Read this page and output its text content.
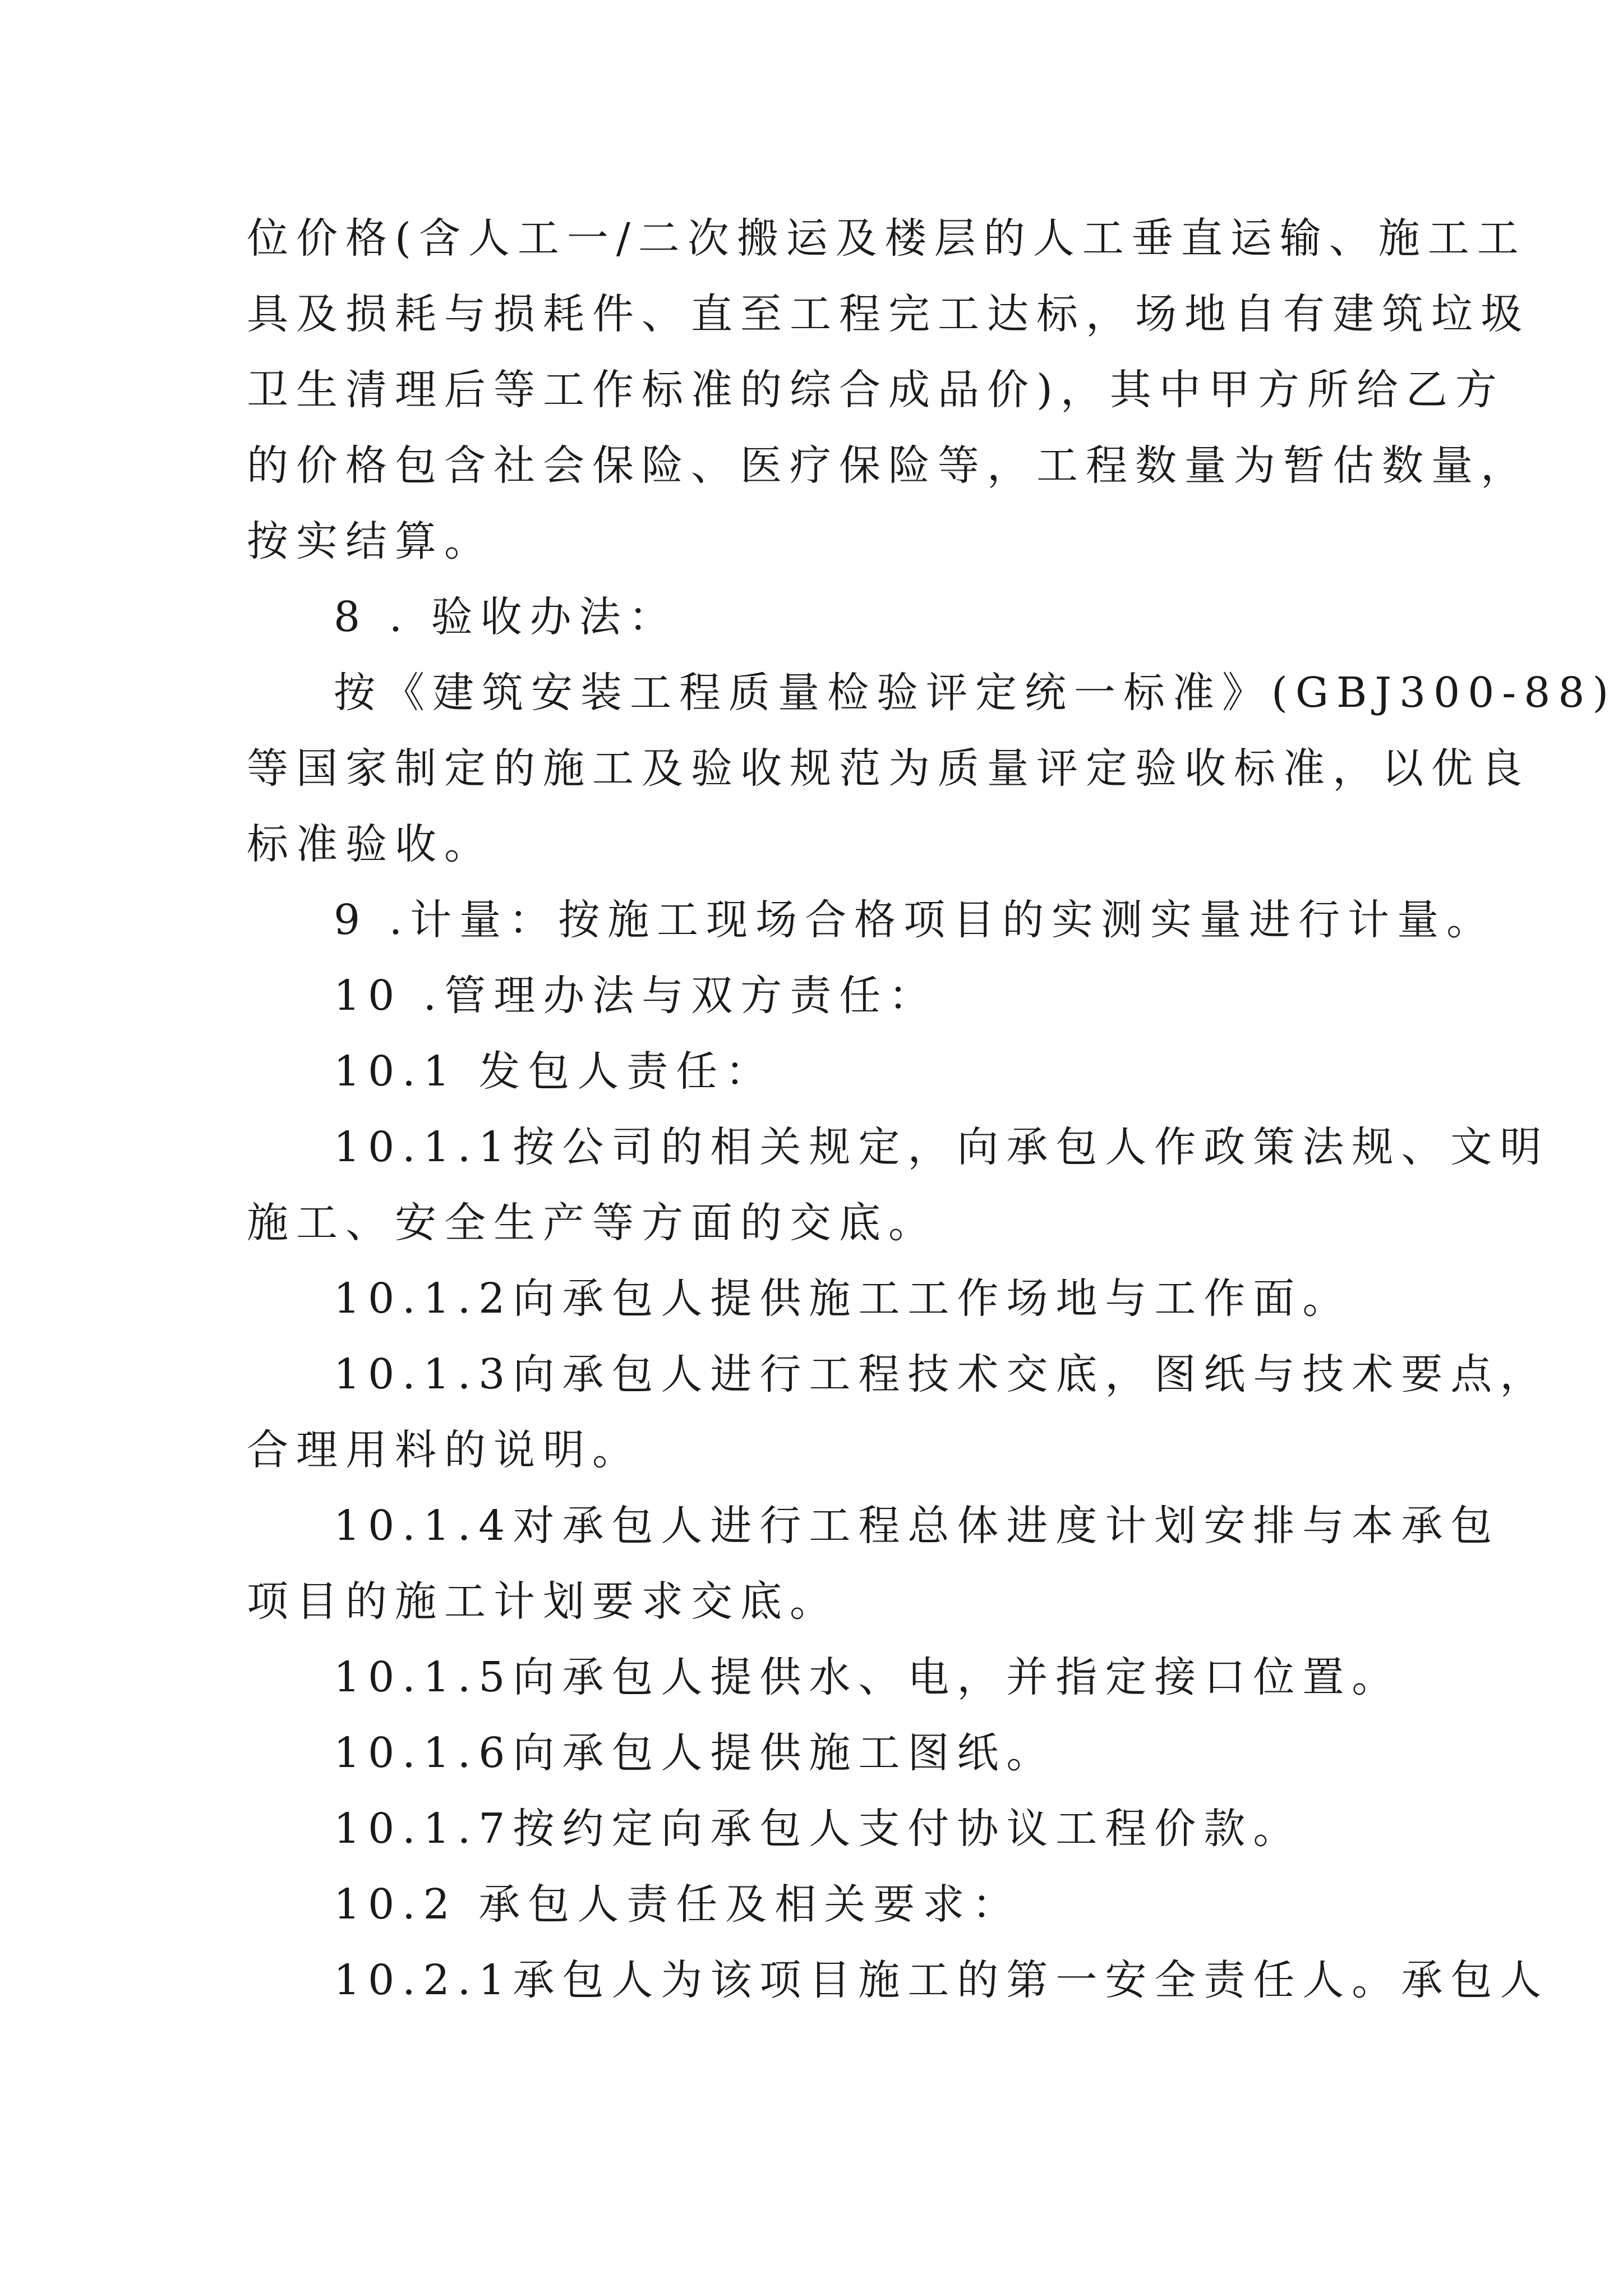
位价格(含人工一/二次搬运及楼层的人工垂直运输、施工工
具及损耗与损耗件、直至工程完工达标，场地自有建筑垃圾
卫生清理后等工作标准的综合成品价)，其中甲方所给乙方
的价格包含社会保险、医疗保险等，工程数量为暂估数量，
按实结算。
8 . 验收办法：
按《建筑安装工程质量检验评定统一标准》(GBJ300-88)
等国家制定的施工及验收规范为质量评定验收标准，以优良
标准验收。
9 .计量：按施工现场合格项目的实测实量进行计量。
10 .管理办法与双方责任：
10.1 发包人责任：
10.1.1按公司的相关规定，向承包人作政策法规、文明
施工、安全生产等方面的交底。
10.1.2向承包人提供施工工作场地与工作面。
10.1.3向承包人进行工程技术交底，图纸与技术要点，
合理用料的说明。
10.1.4对承包人进行工程总体进度计划安排与本承包
项目的施工计划要求交底。
10.1.5向承包人提供水、电，并指定接口位置。
10.1.6向承包人提供施工图纸。
10.1.7按约定向承包人支付协议工程价款。
10.2 承包人责任及相关要求：
10.2.1承包人为该项目施工的第一安全责任人。承包人
